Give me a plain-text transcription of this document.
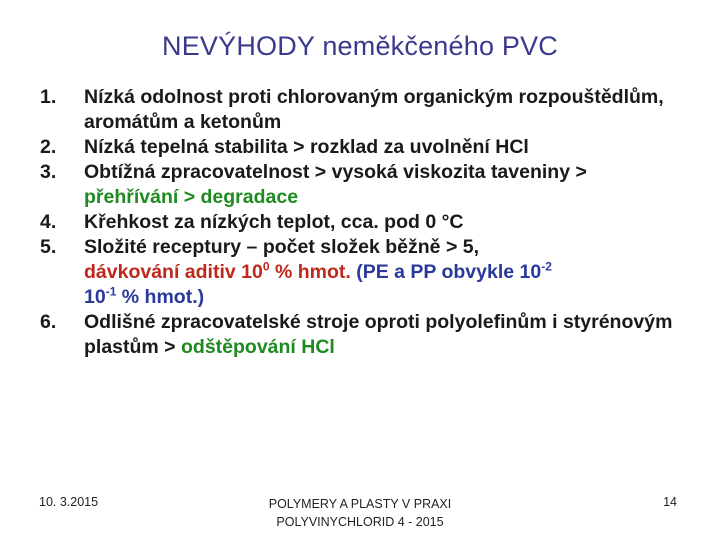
NEVÝHODY neměkčeného PVC
1. Nízká odolnost proti chlorovaným organickým rozpouštědlům, aromátům a ketonům
2. Nízká tepelná stabilita > rozklad za uvolnění HCl
3. Obtížná zpracovatelnost > vysoká viskozita taveniny > přehřívání > degradace
4. Křehkost za nízkých teplot, cca. pod 0 °C
5. Složité receptury – počet složek běžně > 5,
dávkování aditiv $10^0$ % hmot. (PE a PP obvykle $10^{-2}$
$10^{-1}$ % hmot.)
6. Odlišné zpracovatelské stroje oproti polyolefinům i styrénovým plastům > odštěpování HCl
10. 3.2015	POLYMERY A PLASTY V PRAXI
POLYVINYCHLORID 4 - 2015
14
